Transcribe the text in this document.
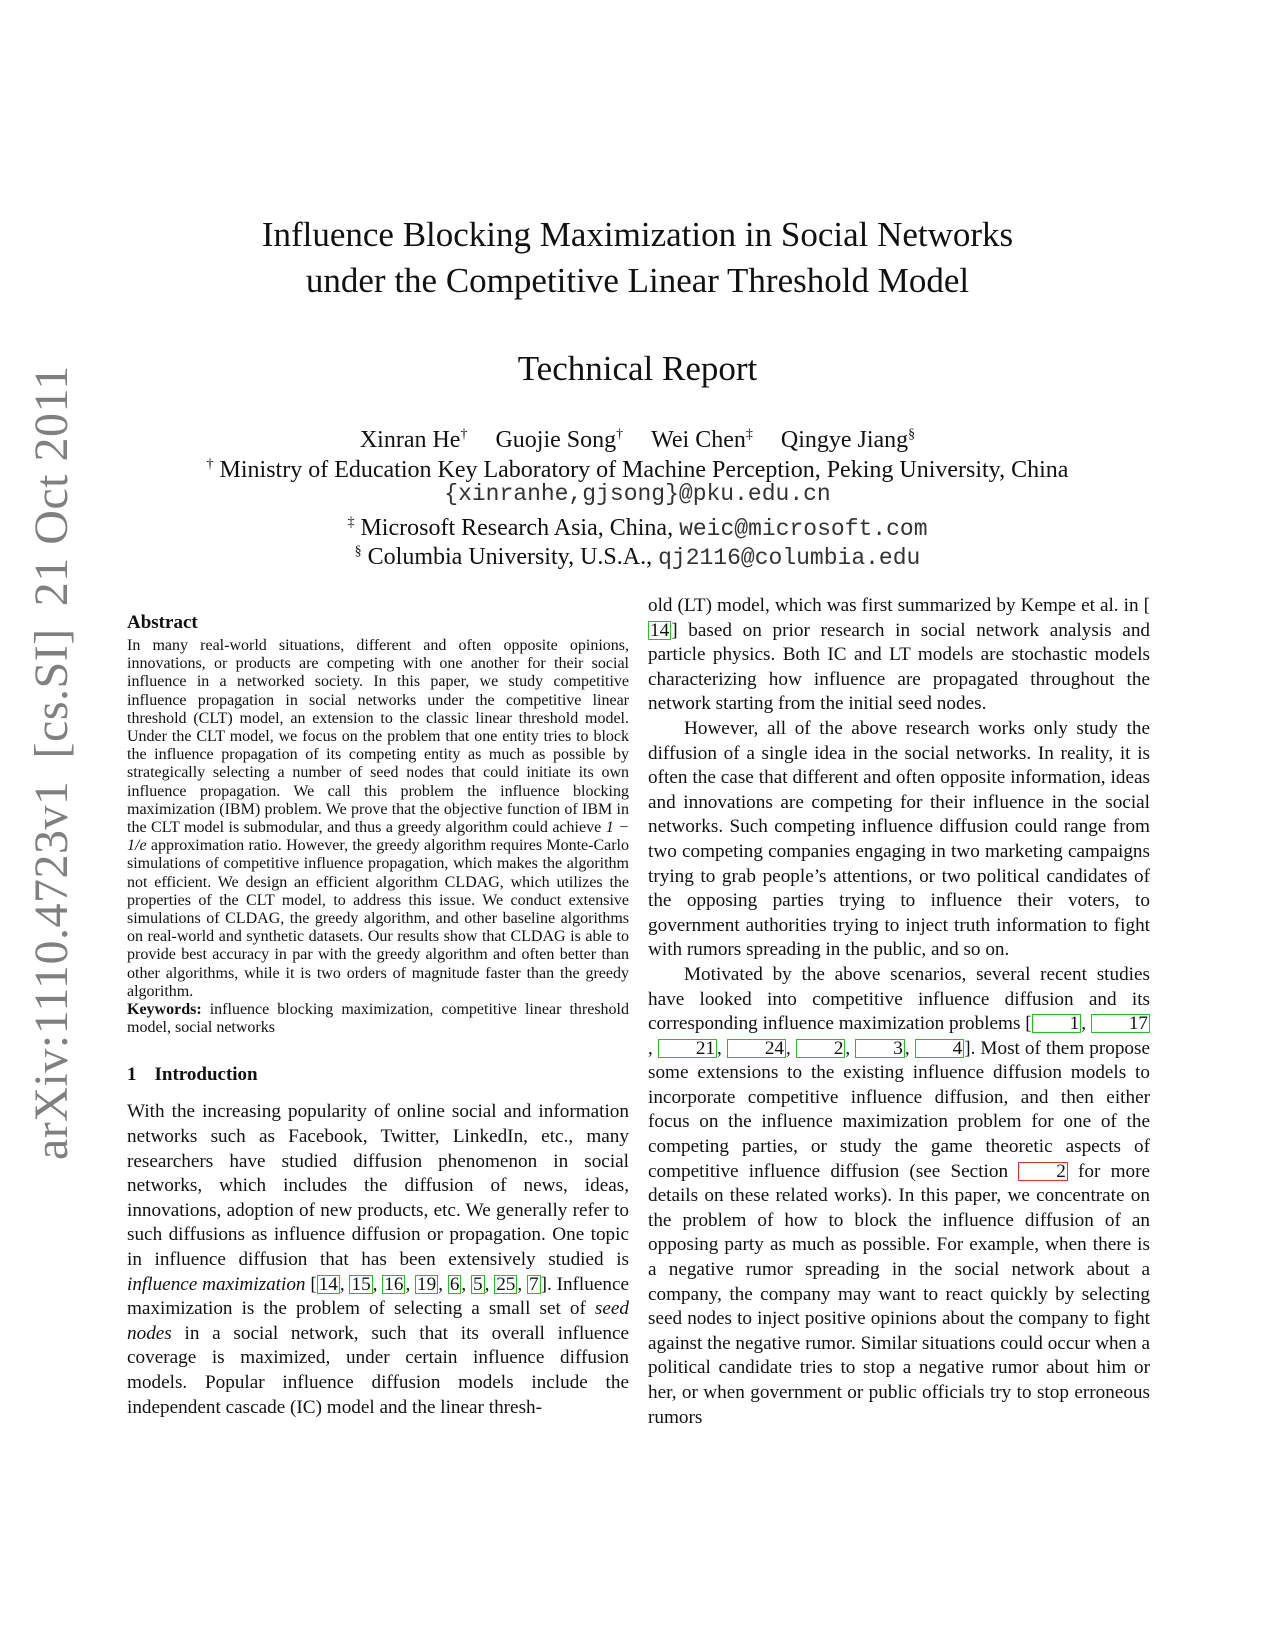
arXiv:1110.4723v1[cs.SI]21 Oct 2011
Influence Blocking Maximization in Social Networks
under the Competitive Linear Threshold Model
Technical Report
Xinran He† Guojie Song† Wei Chen‡ Qingye Jiang§
† Ministry of Education Key Laboratory of Machine Perception, Peking University, China
{xinranhe,gjsong}@pku.edu.cn
‡ Microsoft Research Asia, China, weic@microsoft.com
§ Columbia University, U.S.A., qj2116@columbia.edu

Abstract

In many real-world situations, different and often opposite opinions, innovations, or products are competing with one another for their social influence in a networked society. In this paper, we study competitive influence propagation in social networks under the competitive linear threshold (CLT) model, an extension to the classic linear threshold model. Under the CLT model, we focus on the problem that one entity tries to block the influence propagation of its competing entity as much as possible by strategically selecting a number of seed nodes that could initiate its own influence propagation. We call this problem the influence blocking maximization (IBM) problem. We prove that the objective function of IBM in the CLT model is submodular, and thus a greedy algorithm could achieve 1 − 1/e approximation ratio. However, the greedy algorithm requires Monte-Carlo simulations of competitive influence propagation, which makes the algorithm not efficient. We design an efficient algorithm CLDAG, which utilizes the properties of the CLT model, to address this issue. We conduct extensive simulations of CLDAG, the greedy algorithm, and other baseline algorithms on real-world and synthetic datasets. Our results show that CLDAG is able to provide best accuracy in par with the greedy algorithm and often better than other algorithms, while it is two orders of magnitude faster than the greedy algorithm.

Keywords: influence blocking maximization, competitive linear threshold model, social networks

1 Introduction

With the increasing popularity of online social and information networks such as Facebook, Twitter, LinkedIn, etc., many researchers have studied diffusion phenomenon in social networks, which includes the diffusion of news, ideas, innovations, adoption of new products, etc. We generally refer to such diffusions as influence diffusion or propagation. One topic in influence diffusion that has been extensively studied is influence maximization [ 14 , 15 , 16 , 19 , 6 , 5 , 25 , 7 ]. Influence maximization is the problem of selecting a small set of seed nodes in a social network, such that its overall influence coverage is maximized, under certain influence diffusion models. Popular influence diffusion models include the independent cascade (IC) model and the linear thresh-

old (LT) model, which was first summarized by Kempe et al. in [14 ] based on prior research in social network analysis and particle physics. Both IC and LT models are stochastic models characterizing how influence are propagated throughout the network starting from the initial seed nodes.

However, all of the above research works only study the diffusion of a single idea in the social networks. In reality, it is often the case that different and often opposite information, ideas and innovations are competing for their influence in the social networks. Such competing influence diffusion could range from two competing companies engaging in two marketing campaigns trying to grab people’s attentions, or two political candidates of the opposing parties trying to influence their voters, to government authorities trying to inject truth information to fight with rumors spreading in the public, and so on.

Motivated by the above scenarios, several recent studies have looked into competitive influence diffusion and its corresponding influence maximization problems [ 1 , 17, 21 , 24 , 2 , 3 , 4 ]. Most of them propose some extensions to the existing influence diffusion models to incorporate competitive influence diffusion, and then either focus on the influence maximization problem for one of the competing parties, or study the game theoretic aspects of competitive influence diffusion (see Section	2 for more details on these related works). In this paper, we concentrate on the problem of how to block the influence diffusion of an opposing party as much as possible. For example, when there is a negative rumor spreading in the social network about a company, the company may want to react quickly by selecting seed nodes to inject positive opinions about the company to fight against the negative rumor. Similar situations could occur when a political candidate tries to stop a negative rumor about him or her, or when government or public officials try to stop erroneous rumors
